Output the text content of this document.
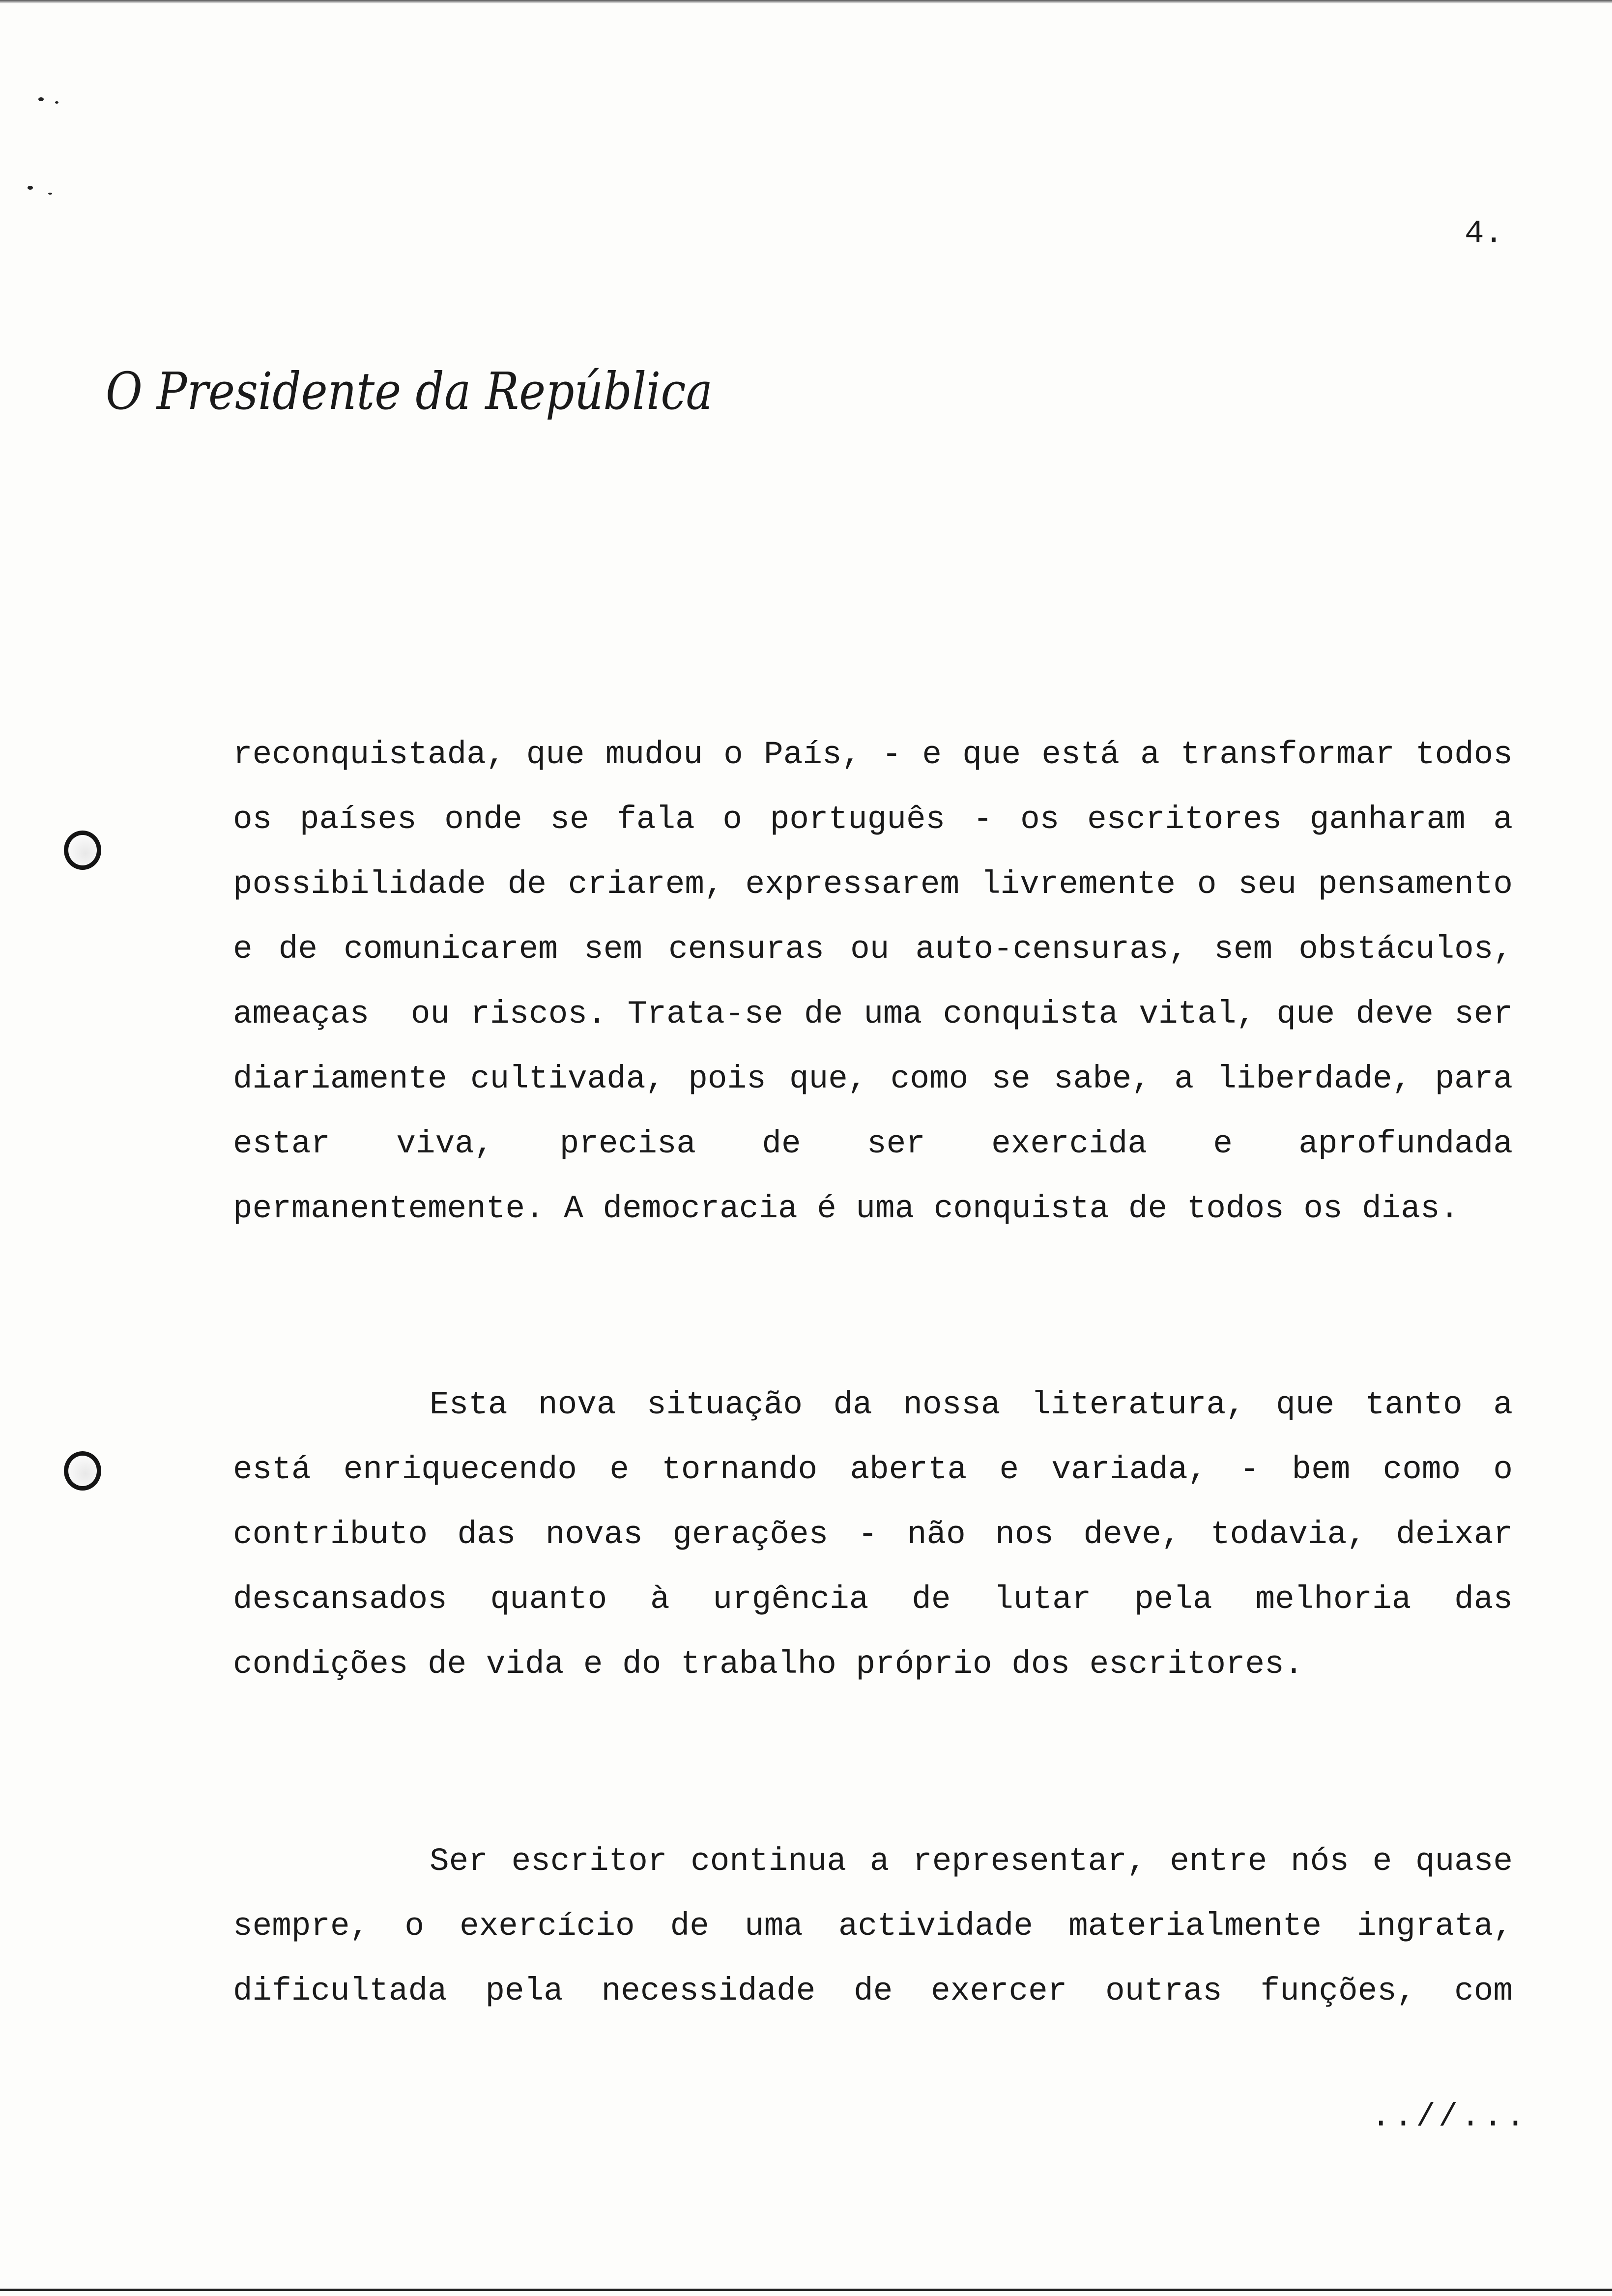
4.
O Presidente da República
reconquistada, que mudou o País, - e que está a transformar todos
os países onde se fala o português - os escritores ganharam a
possibilidade de criarem, expressarem livremente o seu pensamento
e de comunicarem sem censuras ou auto-censuras, sem obstáculos,
ameaças  ou riscos. Trata-se de uma conquista vital, que deve ser
diariamente cultivada, pois que, como se sabe, a liberdade, para
estar viva, precisa de ser exercida e aprofundada
permanentemente. A democracia é uma conquista de todos os dias.
Esta nova situação da nossa literatura, que tanto a
está enriquecendo e tornando aberta e variada, - bem como o
contributo das novas gerações - não nos deve, todavia, deixar
descansados quanto à urgência de lutar pela melhoria das
condições de vida e do trabalho próprio dos escritores.
Ser escritor continua a representar, entre nós e quase
sempre, o exercício de uma actividade materialmente ingrata,
dificultada pela necessidade de exercer outras funções, com
..//...
